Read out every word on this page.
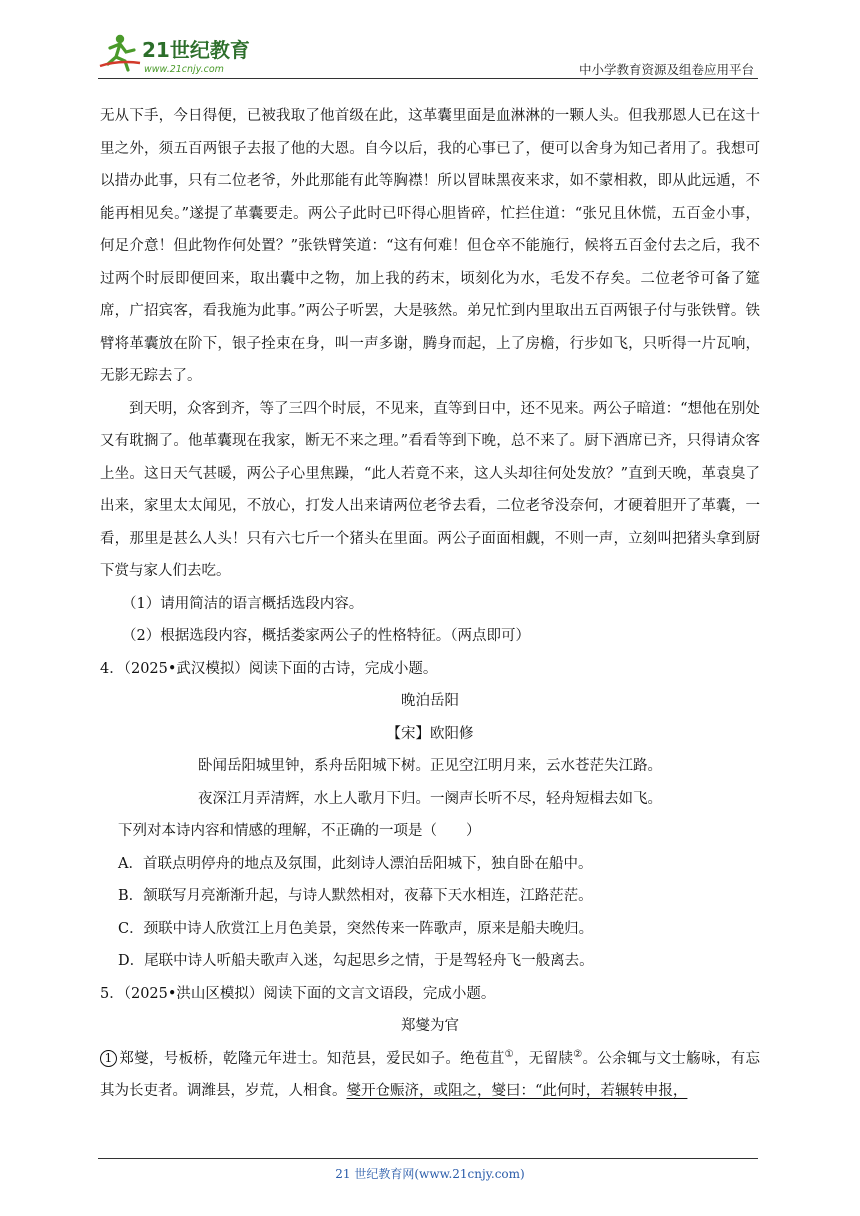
21世纪教育
www.21cnjy.com	中小学教育资源及组卷应用平台

无从下手，今日得便，已被我取了他首级在此，这革囊里面是血淋淋的一颗人头。但我那恩人已在这十里之外，须五百两银子去报了他的大恩。自今以后，我的心事已了，便可以舍身为知己者用了。我想可以措办此事，只有二位老爷，外此那能有此等胸襟！所以冒昧黑夜来求，如不蒙相救，即从此远遁，不能再相见矣。”遂提了革囊要走。两公子此时已吓得心胆皆碎，忙拦住道：“张兄且休慌，五百金小事，何足介意！但此物作何处置？”张铁臂笑道：“这有何难！但仓卒不能施行，候将五百金付去之后，我不过两个时辰即便回来，取出囊中之物，加上我的药末，顷刻化为水，毛发不存矣。二位老爷可备了筵席，广招宾客，看我施为此事。”两公子听罢，大是骇然。弟兄忙到内里取出五百两银子付与张铁臂。铁臂将革囊放在阶下，银子拴束在身，叫一声多谢，腾身而起，上了房檐，行步如飞，只听得一片瓦响，无影无踪去了。

到天明，众客到齐，等了三四个时辰，不见来，直等到日中，还不见来。两公子暗道：“想他在别处又有耽搁了。他革囊现在我家，断无不来之理。”看看等到下晚，总不来了。厨下酒席已齐，只得请众客上坐。这日天气甚暖，两公子心里焦躁，“此人若竟不来，这人头却往何处发放？”直到天晚，革袁臭了出来，家里太太闻见，不放心，打发人出来请两位老爷去看，二位老爷没奈何，才硬着胆开了革囊，一看，那里是甚么人头！只有六七斤一个猪头在里面。两公子面面相觑，不则一声，立刻叫把猪头拿到厨下赏与家人们去吃。

（1）请用简洁的语言概括选段内容。

（2）根据选段内容，概括娄家两公子的性格特征。（两点即可）

4．（2025•武汉模拟）阅读下面的古诗，完成小题。

晚泊岳阳

【宋】欧阳修

卧闻岳阳城里钟，系舟岳阳城下树。正见空江明月来，云水苍茫失江路。

夜深江月弄清辉，水上人歌月下归。一阕声长听不尽，轻舟短楫去如飞。

下列对本诗内容和情感的理解，不正确的一项是（　　）

A．首联点明停舟的地点及氛围，此刻诗人漂泊岳阳城下，独自卧在船中。

B．颔联写月亮渐渐升起，与诗人默然相对，夜幕下天水相连，江路茫茫。

C．颈联中诗人欣赏江上月色美景，突然传来一阵歌声，原来是船夫晚归。

D．尾联中诗人听船夫歌声入迷，勾起思乡之情，于是驾轻舟飞一般离去。

5．（2025•洪山区模拟）阅读下面的文言文语段，完成小题。

郑燮为官

1 郑燮，号板桥，乾隆元年进士。知范县，爱民如子。绝苞苴①，无留牍②。公余辄与文士觞咏，有忘其为长吏者。调潍县，岁荒，人相食。燮开仓赈济，或阻之，燮曰：“此何时，若辗转申报，

21 世纪教育网(www.21cnjy.com)
